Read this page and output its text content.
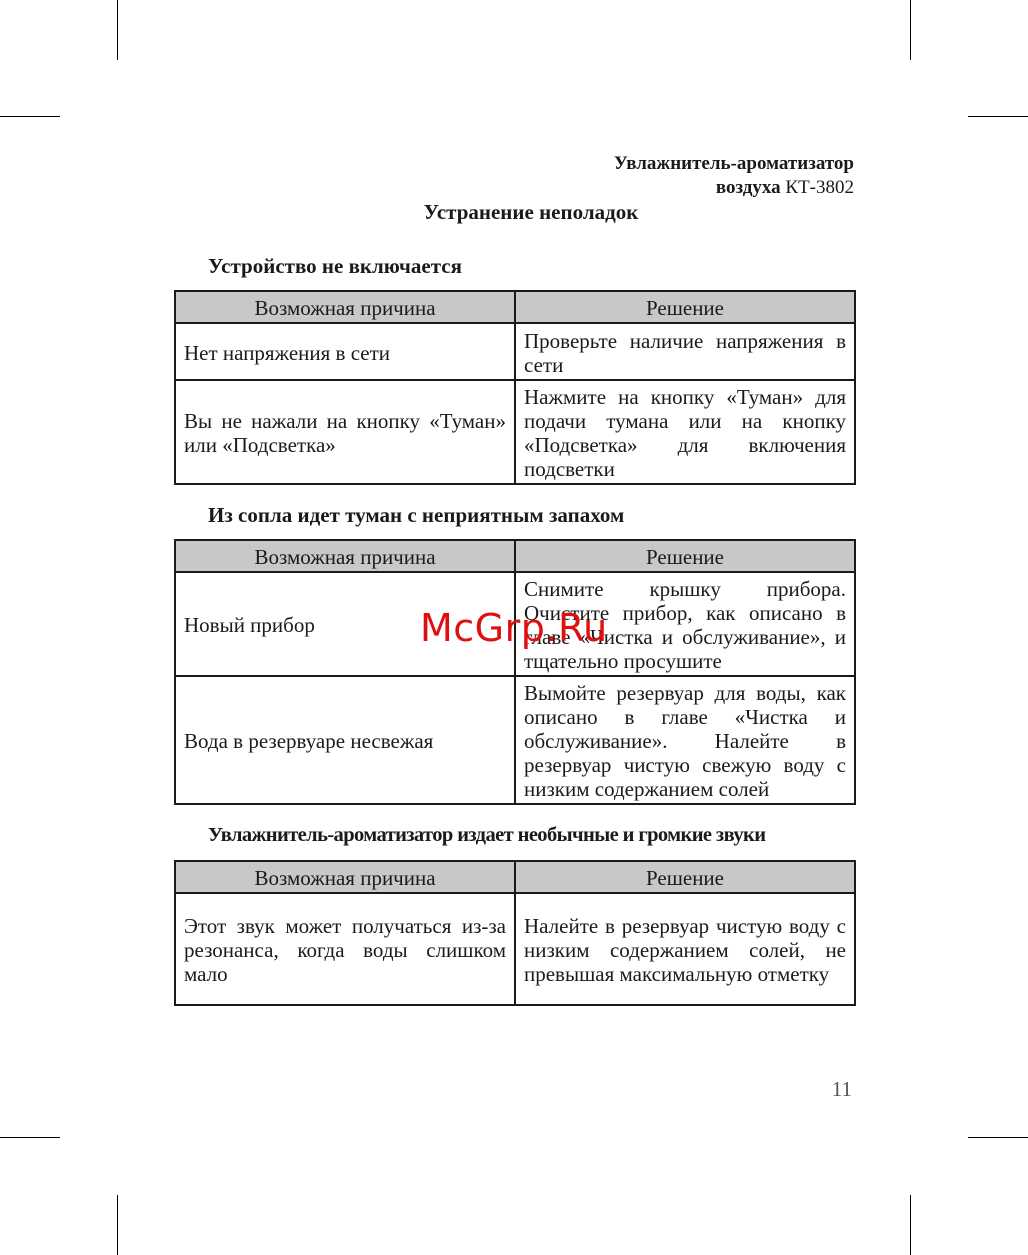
Увлажнитель-ароматизатор
воздуха КТ-3802
Устранение неполадок
Устройство не включается
Возможная причина	Решение
Нет напряжения в сети	Проверьте наличие напряжения в сети
Вы не нажали на кнопку «Туман» или «Подсветка»	Нажмите на кнопку «Туман» для подачи тумана или на кнопку «Подсветка» для включения подсветки
Из сопла идет туман с неприятным запахом
Возможная причина	Решение
Новый прибор	Снимите крышку прибора. Очистите прибор, как описано в главе «Чистка и обслуживание», и тщательно просушите
Вода в резервуаре несвежая	Вымойте резервуар для воды, как описано в главе «Чистка и обслуживание». Налейте в резервуар чистую свежую воду с низким содержанием солей
Увлажнитель-ароматизатор издает необычные и громкие звуки
Возможная причина	Решение
Этот звук может получаться из-за резонанса, когда воды слишком мало	Налейте в резервуар чистую воду с низким содержанием солей, не превышая максимальную отметку
McGrp.Ru
11
